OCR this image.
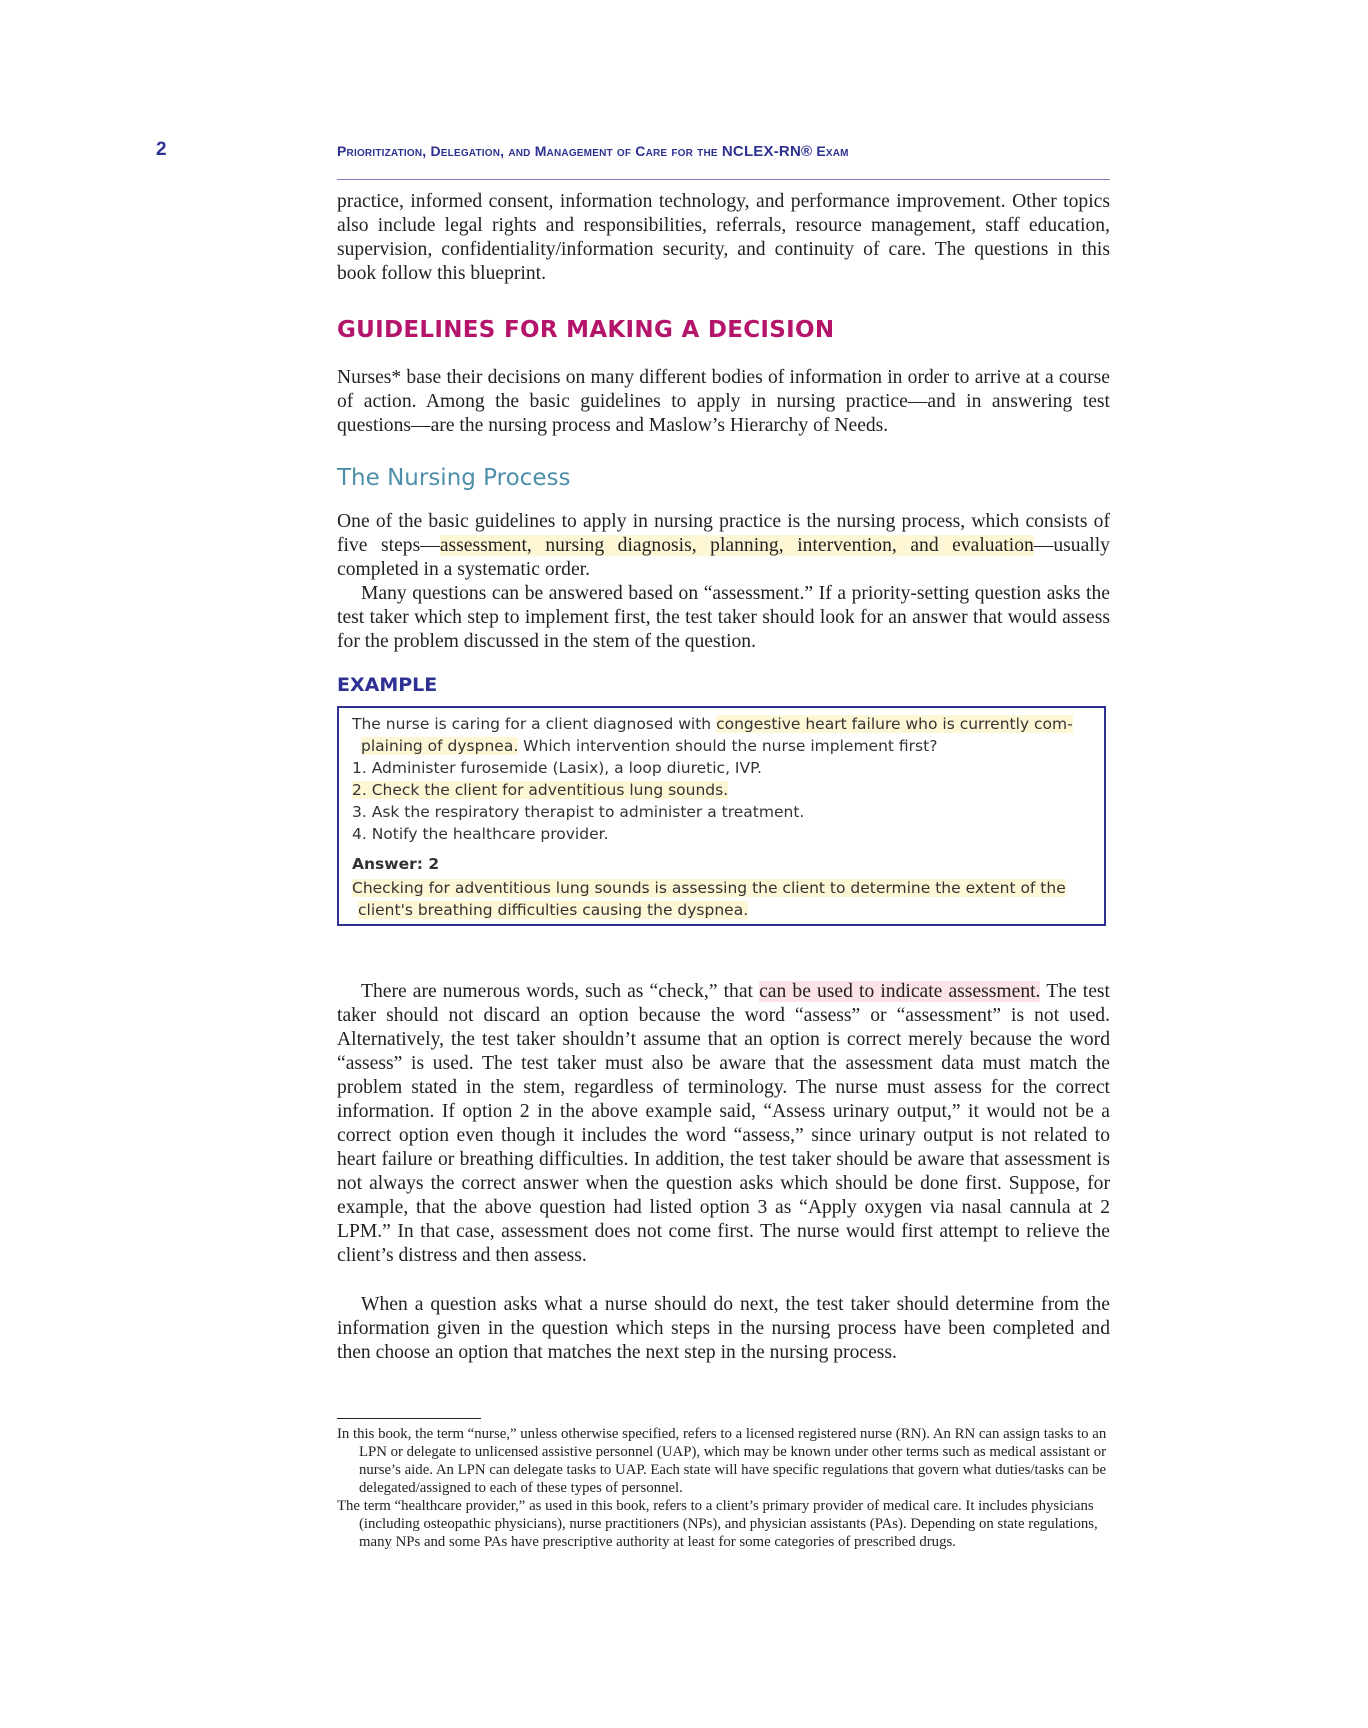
2	Prioritization, Delegation, and Management of Care for the NCLEX-RN® Exam

practice, informed consent, information technology, and performance improvement. Other topics also include legal rights and responsibilities, referrals, resource management, staff education, supervision, confidentiality/information security, and continuity of care. The questions in this book follow this blueprint.

GUIDELINES FOR MAKING A DECISION

Nurses* base their decisions on many different bodies of information in order to arrive at a course of action. Among the basic guidelines to apply in nursing practice—and in answering test questions—are the nursing process and Maslow’s Hierarchy of Needs.

The Nursing Process

One of the basic guidelines to apply in nursing practice is the nursing process, which consists of five steps—assessment, nursing diagnosis, planning, intervention, and evaluation—usually completed in a systematic order.

Many questions can be answered based on “assessment.” If a priority-setting question asks the test taker which step to implement first, the test taker should look for an answer that would assess for the problem discussed in the stem of the question.

EXAMPLE
The nurse is caring for a client diagnosed with congestive heart failure who is currently com-
plaining of dyspnea. Which intervention should the nurse implement first?
1. Administer furosemide (Lasix), a loop diuretic, IVP.
2. Check the client for adventitious lung sounds.
3. Ask the respiratory therapist to administer a treatment.
4. Notify the healthcare provider.
Answer: 2
Checking for adventitious lung sounds is assessing the client to determine the extent of the
client's breathing difficulties causing the dyspnea.

There are numerous words, such as “check,” that can be used to indicate assessment. The test taker should not discard an option because the word “assess” or “assessment” is not used. Alternatively, the test taker shouldn’t assume that an option is correct merely because the word “assess” is used. The test taker must also be aware that the assessment data must match the problem stated in the stem, regardless of terminology. The nurse must assess for the correct information. If option 2 in the above example said, “Assess urinary output,” it would not be a correct option even though it includes the word “assess,” since urinary output is not related to heart failure or breathing difficulties. In addition, the test taker should be aware that assessment is not always the correct answer when the question asks which should be done first. Suppose, for example, that the above question had listed option 3 as “Apply oxygen via nasal cannula at 2 LPM.” In that case, assessment does not come first. The nurse would first attempt to relieve the client’s distress and then assess.

When a question asks what a nurse should do next, the test taker should determine from the information given in the question which steps in the nursing process have been completed and then choose an option that matches the next step in the nursing process.

In this book, the term “nurse,” unless otherwise specified, refers to a licensed registered nurse (RN). An RN can assign tasks to an LPN or delegate to unlicensed assistive personnel (UAP), which may be known under other terms such as medical assistant or nurse’s aide. An LPN can delegate tasks to UAP. Each state will have specific regulations that govern what duties/tasks can be delegated/assigned to each of these types of personnel.

The term “healthcare provider,” as used in this book, refers to a client’s primary provider of medical care. It includes physicians (including osteopathic physicians), nurse practitioners (NPs), and physician assistants (PAs). Depending on state regulations, many NPs and some PAs have prescriptive authority at least for some categories of prescribed drugs.
